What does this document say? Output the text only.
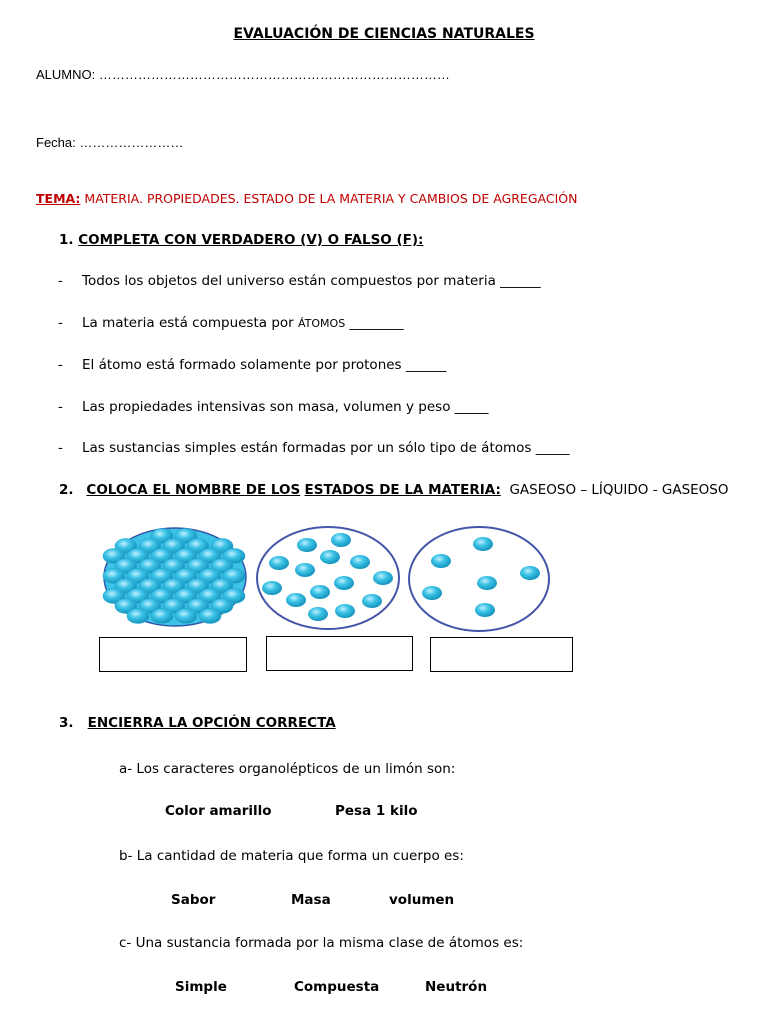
EVALUACIÓN DE CIENCIAS NATURALES
ALUMNO: ………………………………………………………………………
Fecha: ……………………
TEMA: MATERIA. PROPIEDADES. ESTADO DE LA MATERIA Y CAMBIOS DE AGREGACIÓN
1. COMPLETA CON VERDADERO (V) O FALSO (F):
- Todos los objetos del universo están compuestos por materia ______
- La materia está compuesta por ÁTOMOS ________
- El átomo está formado solamente por protones ______
- Las propiedades intensivas son masa, volumen y peso _____
- Las sustancias simples están formadas por un sólo tipo de átomos _____
2. COLOCA EL NOMBRE DE LOS ESTADOS DE LA MATERIA: GASEOSO – LÍQUIDO - GASEOSO
3. ENCIERRA LA OPCIÓN CORRECTA
a- Los caracteres organolépticos de un limón son:
Color amarillo	Pesa 1 kilo
b- La cantidad de materia que forma un cuerpo es:
Sabor	Masa	volumen
c- Una sustancia formada por la misma clase de átomos es:
Simple	Compuesta	Neutrón
